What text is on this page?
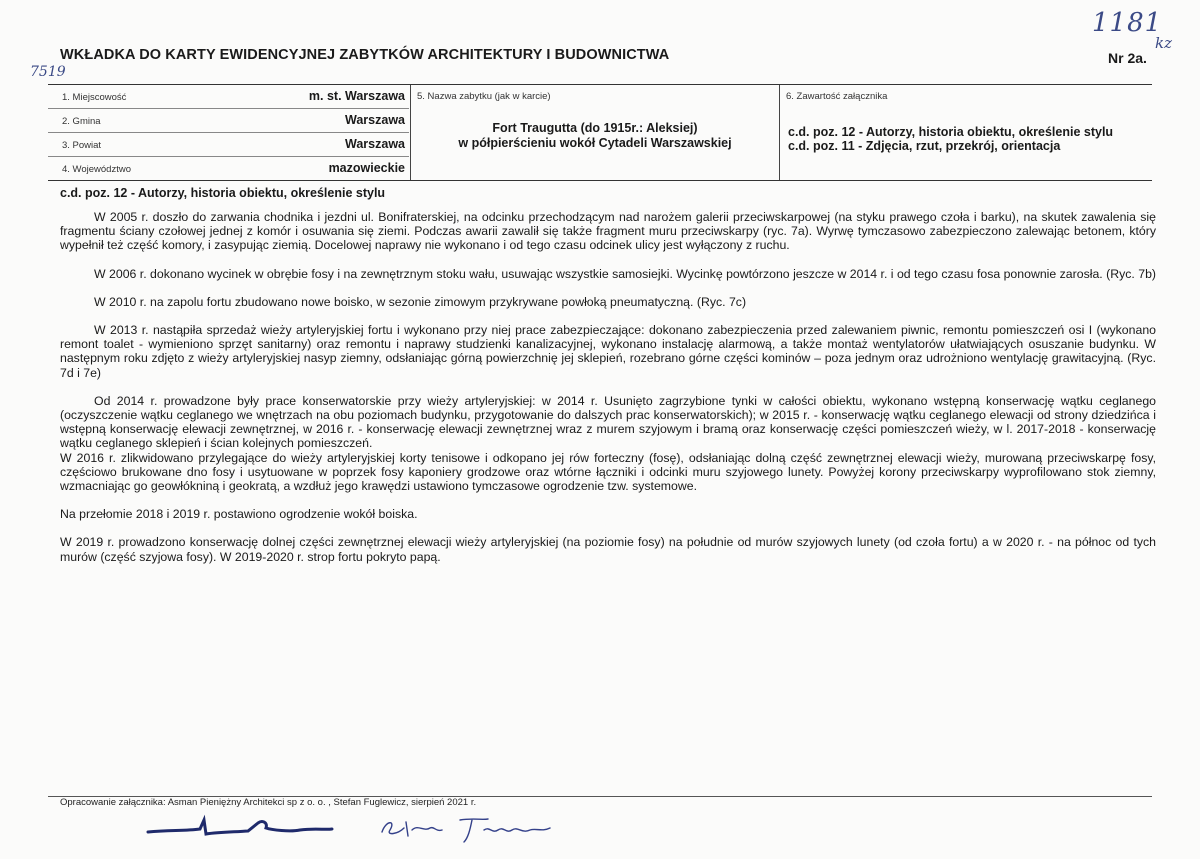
1181
kz
7519
WKŁADKA DO KARTY EWIDENCYJNEJ ZABYTKÓW ARCHITEKTURY I BUDOWNICTWA	Nr 2a.
1. Miejscowość	m. st. Warszawa
2. Gmina	Warszawa
3. Powiat	Warszawa
4. Województwo	mazowieckie
5. Nazwa zabytku (jak w karcie)
Fort Traugutta (do 1915r.: Aleksiej)
w półpierścieniu wokół Cytadeli Warszawskiej
6. Zawartość załącznika
c.d. poz. 12 - Autorzy, historia obiektu, określenie stylu
c.d. poz. 11 - Zdjęcia, rzut, przekrój, orientacja
c.d. poz. 12 - Autorzy, historia obiektu, określenie stylu

W 2005 r. doszło do zarwania chodnika i jezdni ul. Bonifraterskiej, na odcinku przechodzącym nad narożem galerii przeciwskarpowej (na styku prawego czoła i barku), na skutek zawalenia się fragmentu ściany czołowej jednej z komór i osuwania się ziemi. Podczas awarii zawalił się także fragment muru przeciwskarpy (ryc. 7a). Wyrwę tymczasowo zabezpieczono zalewając betonem, który wypełnił też część komory, i zasypując ziemią. Docelowej naprawy nie wykonano i od tego czasu odcinek ulicy jest wyłączony z ruchu.

W 2006 r. dokonano wycinek w obrębie fosy i na zewnętrznym stoku wału, usuwając wszystkie samosiejki. Wycinkę powtórzono jeszcze w 2014 r. i od tego czasu fosa ponownie zarosła. (Ryc. 7b)

W 2010 r. na zapolu fortu zbudowano nowe boisko, w sezonie zimowym przykrywane powłoką pneumatyczną. (Ryc. 7c)

W 2013 r. nastąpiła sprzedaż wieży artyleryjskiej fortu i wykonano przy niej prace zabezpieczające: dokonano zabezpieczenia przed zalewaniem piwnic, remontu pomieszczeń osi I (wykonano remont toalet - wymieniono sprzęt sanitarny) oraz remontu i naprawy studzienki kanalizacyjnej, wykonano instalację alarmową, a także montaż wentylatorów ułatwiających osuszanie budynku. W następnym roku zdjęto z wieży artyleryjskiej nasyp ziemny, odsłaniając górną powierzchnię jej sklepień, rozebrano górne części kominów – poza jednym oraz udrożniono wentylację grawitacyjną. (Ryc. 7d i 7e)

Od 2014 r. prowadzone były prace konserwatorskie przy wieży artyleryjskiej: w 2014 r. Usunięto zagrzybione tynki w całości obiektu, wykonano wstępną konserwację wątku ceglanego (oczyszczenie wątku ceglanego we wnętrzach na obu poziomach budynku, przygotowanie do dalszych prac konserwatorskich); w 2015 r. - konserwację wątku ceglanego elewacji od strony dziedzińca i wstępną konserwację elewacji zewnętrznej, w 2016 r. - konserwację elewacji zewnętrznej wraz z murem szyjowym i bramą oraz konserwację części pomieszczeń wieży, w l. 2017-2018 - konserwację wątku ceglanego sklepień i ścian kolejnych pomieszczeń.

W 2016 r. zlikwidowano przylegające do wieży artyleryjskiej korty tenisowe i odkopano jej rów forteczny (fosę), odsłaniając dolną część zewnętrznej elewacji wieży, murowaną przeciwskarpę fosy, częściowo brukowane dno fosy i usytuowane w poprzek fosy kaponiery grodzowe oraz wtórne łączniki i odcinki muru szyjowego lunety. Powyżej korony przeciwskarpy wyprofilowano stok ziemny, wzmacniając go geowłókniną i geokratą, a wzdłuż jego krawędzi ustawiono tymczasowe ogrodzenie tzw. systemowe.

Na przełomie 2018 i 2019 r. postawiono ogrodzenie wokół boiska.

W 2019 r. prowadzono konserwację dolnej części zewnętrznej elewacji wieży artyleryjskiej (na poziomie fosy) na południe od murów szyjowych lunety (od czoła fortu) a w 2020 r. - na północ od tych murów (część szyjowa fosy). W 2019-2020 r. strop fortu pokryto papą.

Opracowanie załącznika: Asman Pieniężny Architekci sp z o. o. , Stefan Fuglewicz, sierpień 2021 r.
